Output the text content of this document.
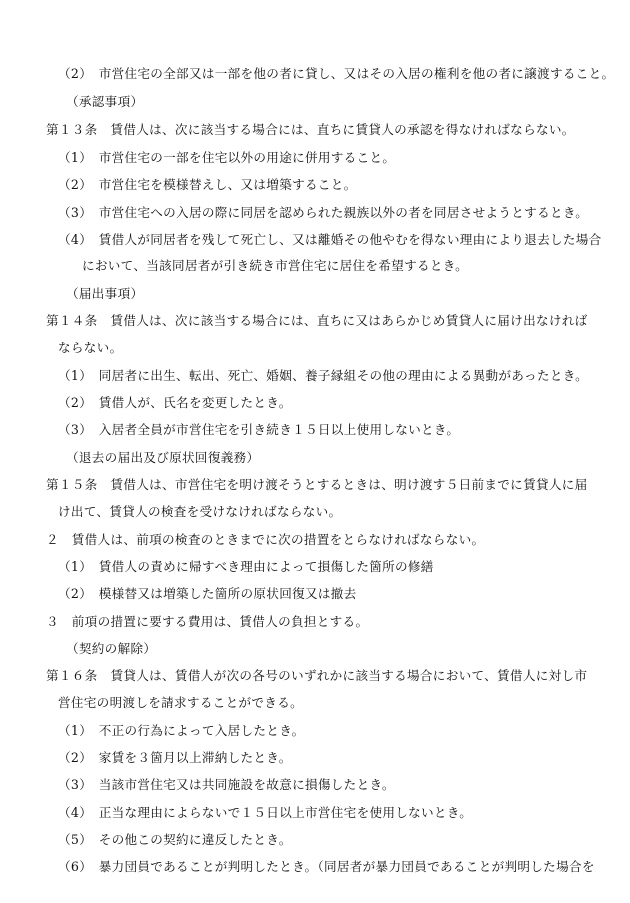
（2）　市営住宅の全部又は一部を他の者に貸し、又はその入居の権利を他の者に譲渡すること。

（承認事項）

第１３条　賃借人は、次に該当する場合には、直ちに賃貸人の承認を得なければならない。

（1）　市営住宅の一部を住宅以外の用途に併用すること。

（2）　市営住宅を模様替えし、又は増築すること。

（3）　市営住宅への入居の際に同居を認められた親族以外の者を同居させようとするとき。

（4）　賃借人が同居者を残して死亡し、又は離婚その他やむを得ない理由により退去した場合

において、当該同居者が引き続き市営住宅に居住を希望するとき。

（届出事項）

第１４条　賃借人は、次に該当する場合には、直ちに又はあらかじめ賃貸人に届け出なければ

ならない。

（1）　同居者に出生、転出、死亡、婚姻、養子縁組その他の理由による異動があったとき。

（2）　賃借人が、氏名を変更したとき。

（3）　入居者全員が市営住宅を引き続き１５日以上使用しないとき。

（退去の届出及び原状回復義務）

第１５条　賃借人は、市営住宅を明け渡そうとするときは、明け渡す５日前までに賃貸人に届

け出て、賃貸人の検査を受けなければならない。

２　賃借人は、前項の検査のときまでに次の措置をとらなければならない。

（1）　賃借人の責めに帰すべき理由によって損傷した箇所の修繕

（2）　模様替又は増築した箇所の原状回復又は撤去

３　前項の措置に要する費用は、賃借人の負担とする。

（契約の解除）

第１６条　賃貸人は、賃借人が次の各号のいずれかに該当する場合において、賃借人に対し市

営住宅の明渡しを請求することができる。

（1）　不正の行為によって入居したとき。

（2）　家賃を３箇月以上滞納したとき。

（3）　当該市営住宅又は共同施設を故意に損傷したとき。

（4）　正当な理由によらないで１５日以上市営住宅を使用しないとき。

（5）　その他この契約に違反したとき。

（6）　暴力団員であることが判明したとき。（同居者が暴力団員であることが判明した場合を
